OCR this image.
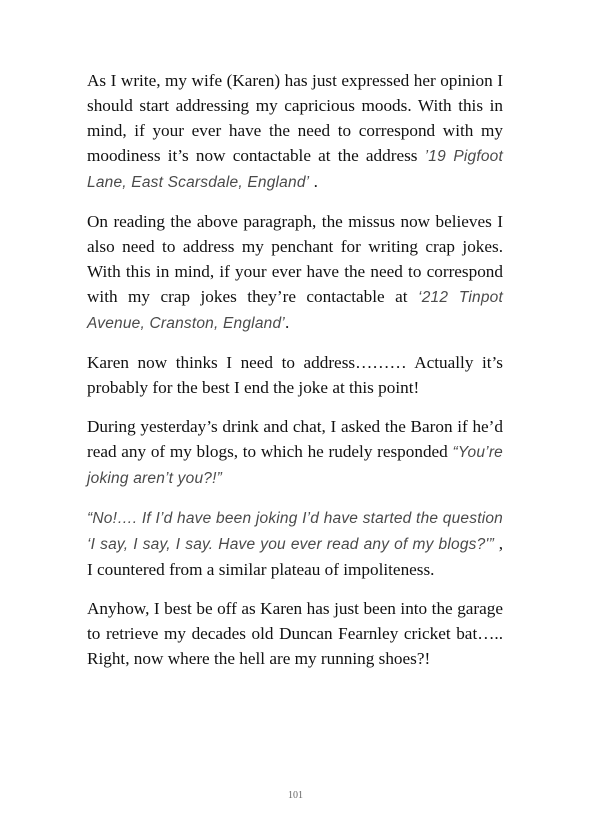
As I write, my wife (Karen) has just expressed her opinion I should start addressing my capricious moods. With this in mind, if your ever have the need to correspond with my moodiness it’s now contactable at the address ’19 Pigfoot Lane, East Scarsdale, England’ .

On reading the above paragraph, the missus now believes I also need to address my penchant for writing crap jokes. With this in mind, if your ever have the need to correspond with my crap jokes they’re contactable at ‘212 Tinpot Avenue, Cranston, England’.

Karen now thinks I need to address……… Actually it’s probably for the best I end the joke at this point!

During yesterday’s drink and chat, I asked the Baron if he’d read any of my blogs, to which he rudely responded “You’re joking aren’t you?!”

“No!…. If I’d have been joking I’d have started the question ‘I say, I say, I say. Have you ever read any of my blogs?'” , I countered from a similar plateau of impoliteness.

Anyhow, I best be off as Karen has just been into the garage to retrieve my decades old Duncan Fearnley cricket bat….. Right, now where the hell are my running shoes?!

101
